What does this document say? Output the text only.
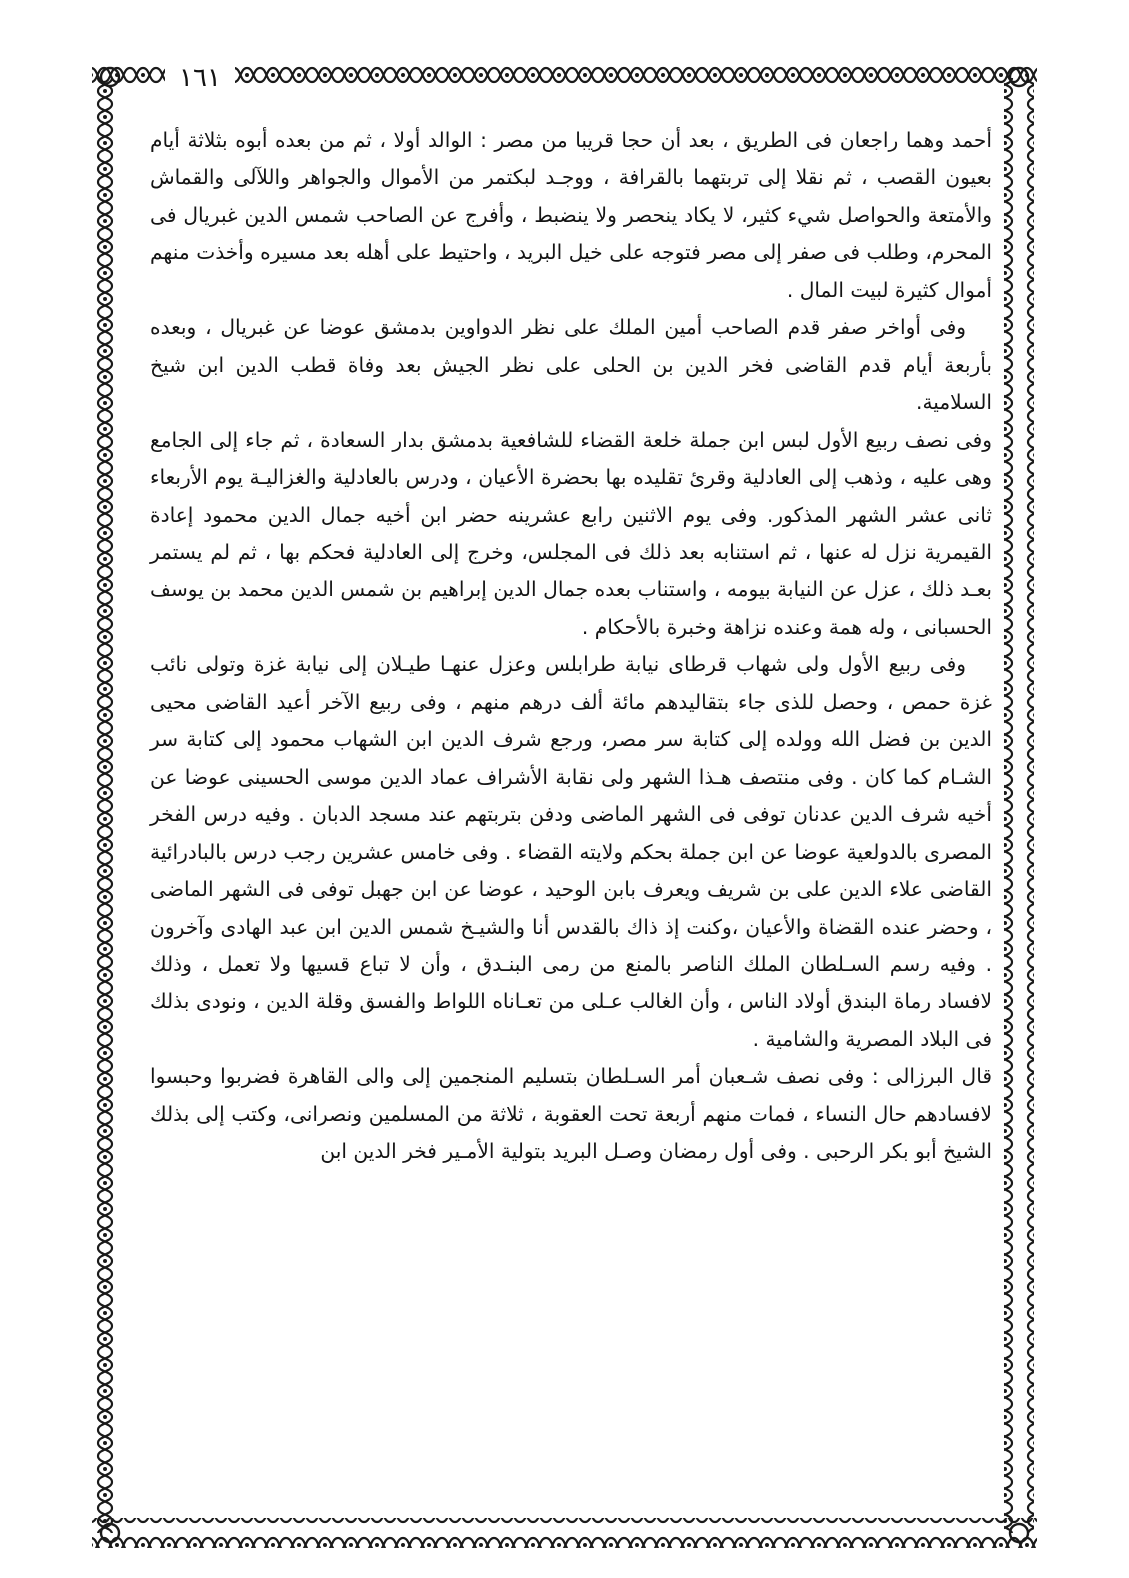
١٦١

أحمد وهما راجعان فى الطريق ، بعد أن حجا قريبا من مصر : الوالد أولا ، ثم من بعده أبوه بثلاثة أيام بعيون القصب ، ثم نقلا إلى تربتهما بالقرافة ، ووجـد لبكتمر من الأموال والجواهر واللآلى والقماش والأمتعة والحواصل شيء كثير، لا يكاد ينحصر ولا ينضبط ، وأفرج عن الصاحب شمس الدين غبريال فى المحرم، وطلب فى صفر إلى مصر فتوجه على خيل البريد ، واحتيط على أهله بعد مسيره وأخذت منهم أموال كثيرة لبيت المال .

وفى أواخر صفر قدم الصاحب أمين الملك على نظر الدواوين بدمشق عوضا عن غبريال ، وبعده بأربعة أيام قدم القاضى فخر الدين بن الحلى على نظر الجيش بعد وفاة قطب الدين ابن شيخ السلامية.

وفى نصف ربيع الأول لبس ابن جملة خلعة القضاء للشافعية بدمشق بدار السعادة ، ثم جاء إلى الجامع وهى عليه ، وذهب إلى العادلية وقرئ تقليده بها بحضرة الأعيان ، ودرس بالعادلية والغزاليـة يوم الأربعاء ثانى عشر الشهر المذكور. وفى يوم الاثنين رابع عشرينه حضر ابن أخيه جمال الدين محمود إعادة القيمرية نزل له عنها ، ثم استنابه بعد ذلك فى المجلس، وخرج إلى العادلية فحكم بها ، ثم لم يستمر بعـد ذلك ، عزل عن النيابة بيومه ، واستناب بعده جمال الدين إبراهيم بن شمس الدين محمد بن يوسف الحسبانى ، وله همة وعنده نزاهة وخبرة بالأحكام .

وفى ربيع الأول ولى شهاب قرطاى نيابة طرابلس وعزل عنهـا طيـلان إلى نيابة غزة وتولى نائب غزة حمص ، وحصل للذى جاء بتقاليدهم مائة ألف درهم منهم ، وفى ربيع الآخر أعيد القاضى محيى الدين بن فضل الله وولده إلى كتابة سر مصر، ورجع شرف الدين ابن الشهاب محمود إلى كتابة سر الشـام كما كان . وفى منتصف هـذا الشهر ولى نقابة الأشراف عماد الدين موسى الحسينى عوضا عن أخيه شرف الدين عدنان توفى فى الشهر الماضى ودفن بتربتهم عند مسجد الدبان . وفيه درس الفخر المصرى بالدولعية عوضا عن ابن جملة بحكم ولايته القضاء . وفى خامس عشرين رجب درس بالبادرائية القاضى علاء الدين على بن شريف ويعرف بابن الوحيد ، عوضا عن ابن جهبل توفى فى الشهر الماضى ، وحضر عنده القضاة والأعيان ،وكنت إذ ذاك بالقدس أنا والشيـخ شمس الدين ابن عبد الهادى وآخرون . وفيه رسم السـلطان الملك الناصر بالمنع من رمى البنـدق ، وأن لا تباع قسيها ولا تعمل ، وذلك لافساد رماة البندق أولاد الناس ، وأن الغالب عـلى من تعـاناه اللواط والفسق وقلة الدين ، ونودى بذلك فى البلاد المصرية والشامية .

قال البرزالى : وفى نصف شـعبان أمر السـلطان بتسليم المنجمين إلى والى القاهرة فضربوا وحبسوا لافسادهم حال النساء ، فمات منهم أربعة تحت العقوبة ، ثلاثة من المسلمين ونصرانى، وكتب إلى بذلك الشيخ أبو بكر الرحبى . وفى أول رمضان وصـل البريد بتولية الأمـير فخر الدين ابن
